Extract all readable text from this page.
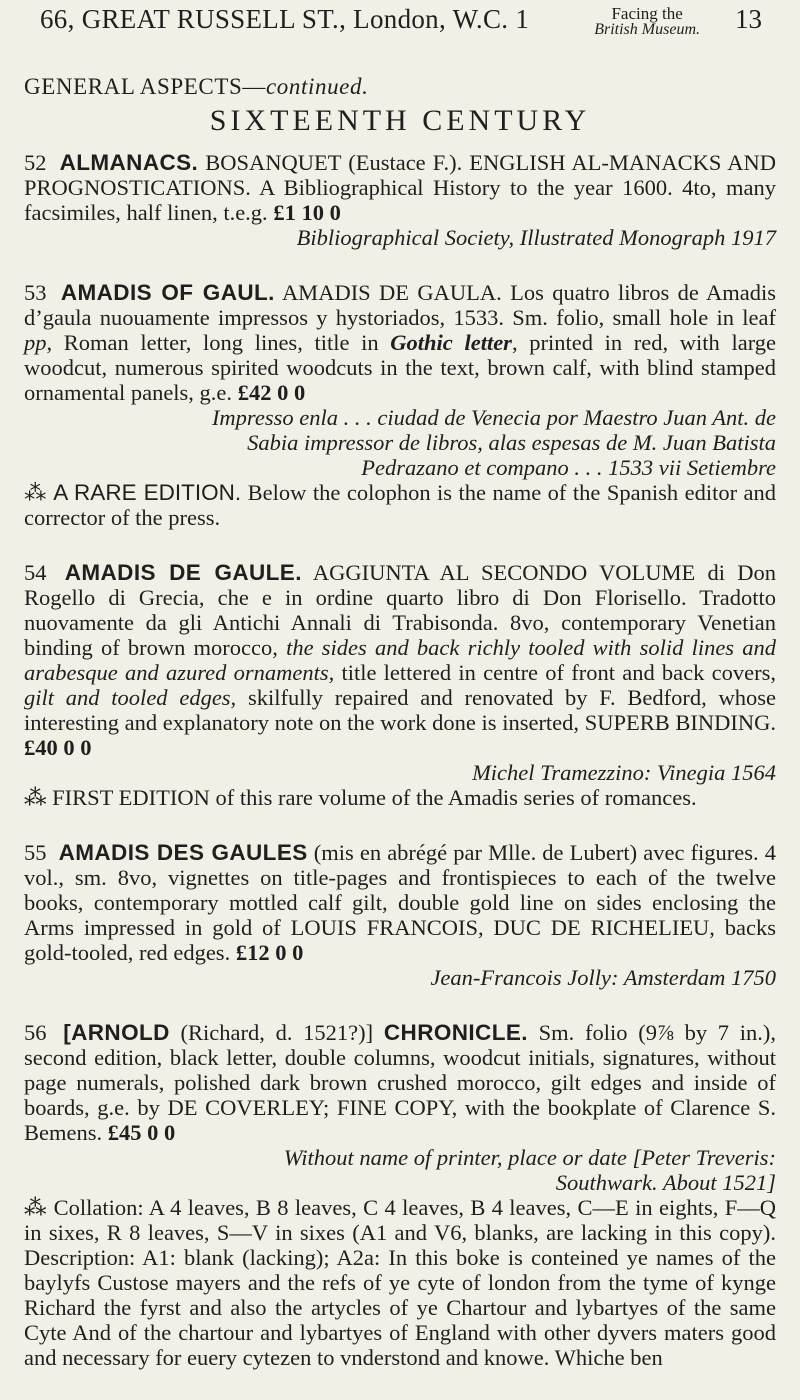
66, GREAT RUSSELL ST., London, W.C. 1	Facing the
British Museum. 13
GENERAL ASPECTS—continued.
SIXTEENTH CENTURY

52 ALMANACS. BOSANQUET (Eustace F.). ENGLISH AL-MANACKS AND PROGNOSTICATIONS. A Bibliographical History to the year 1600. 4to, many facsimiles, half linen, t.e.g. £1 10 0

Bibliographical Society, Illustrated Monograph 1917

53 AMADIS OF GAUL. AMADIS DE GAULA. Los quatro libros de Amadis d’gaula nuouamente impressos y hystoriados, 1533. Sm. folio, small hole in leaf pp, Roman letter, long lines, title in Gothic letter, printed in red, with large woodcut, numerous spirited woodcuts in the text, brown calf, with blind stamped ornamental panels, g.e. £42 0 0

Impresso enla . . . ciudad de Venecia por Maestro Juan Ant. de

Sabia impressor de libros, alas espesas de M. Juan Batista

Pedrazano et compano . . . 1533 vii Setiembre

⁂ A RARE EDITION. Below the colophon is the name of the Spanish editor and corrector of the press.

54 AMADIS DE GAULE. AGGIUNTA AL SECONDO VOLUME di Don Rogello di Grecia, che e in ordine quarto libro di Don Florisello. Tradotto nuovamente da gli Antichi Annali di Trabisonda. 8vo, contemporary Venetian binding of brown morocco, the sides and back richly tooled with solid lines and arabesque and azured ornaments, title lettered in centre of front and back covers, gilt and tooled edges, skilfully repaired and renovated by F. Bedford, whose interesting and explanatory note on the work done is inserted, SUPERB BINDING. £40 0 0

Michel Tramezzino: Vinegia 1564

⁂ FIRST EDITION of this rare volume of the Amadis series of romances.

55 AMADIS DES GAULES (mis en abrégé par Mlle. de Lubert) avec figures. 4 vol., sm. 8vo, vignettes on title-pages and frontispieces to each of the twelve books, contemporary mottled calf gilt, double gold line on sides enclosing the Arms impressed in gold of LOUIS FRANCOIS, DUC DE RICHELIEU, backs gold-tooled, red edges. £12 0 0

Jean-Francois Jolly: Amsterdam 1750

56 [ARNOLD (Richard, d. 1521?)] CHRONICLE. Sm. folio (9⅞ by 7 in.), second edition, black letter, double columns, woodcut initials, signatures, without page numerals, polished dark brown crushed morocco, gilt edges and inside of boards, g.e. by DE COVERLEY; FINE COPY, with the bookplate of Clarence S. Bemens. £45 0 0

Without name of printer, place or date [Peter Treveris:

Southwark. About 1521]

⁂ Collation: A 4 leaves, B 8 leaves, C 4 leaves, B 4 leaves, C—E in eights, F—Q in sixes, R 8 leaves, S—V in sixes (A1 and V6, blanks, are lacking in this copy). Description: A1: blank (lacking); A2a: In this boke is conteined ye names of the baylyfs Custose mayers and the refs of ye cyte of london from the tyme of kynge Richard the fyrst and also the artycles of ye Chartour and lybartyes of the same Cyte And of the chartour and lybartyes of England with other dyvers maters good and necessary for euery cytezen to vnderstond and knowe. Whiche ben
